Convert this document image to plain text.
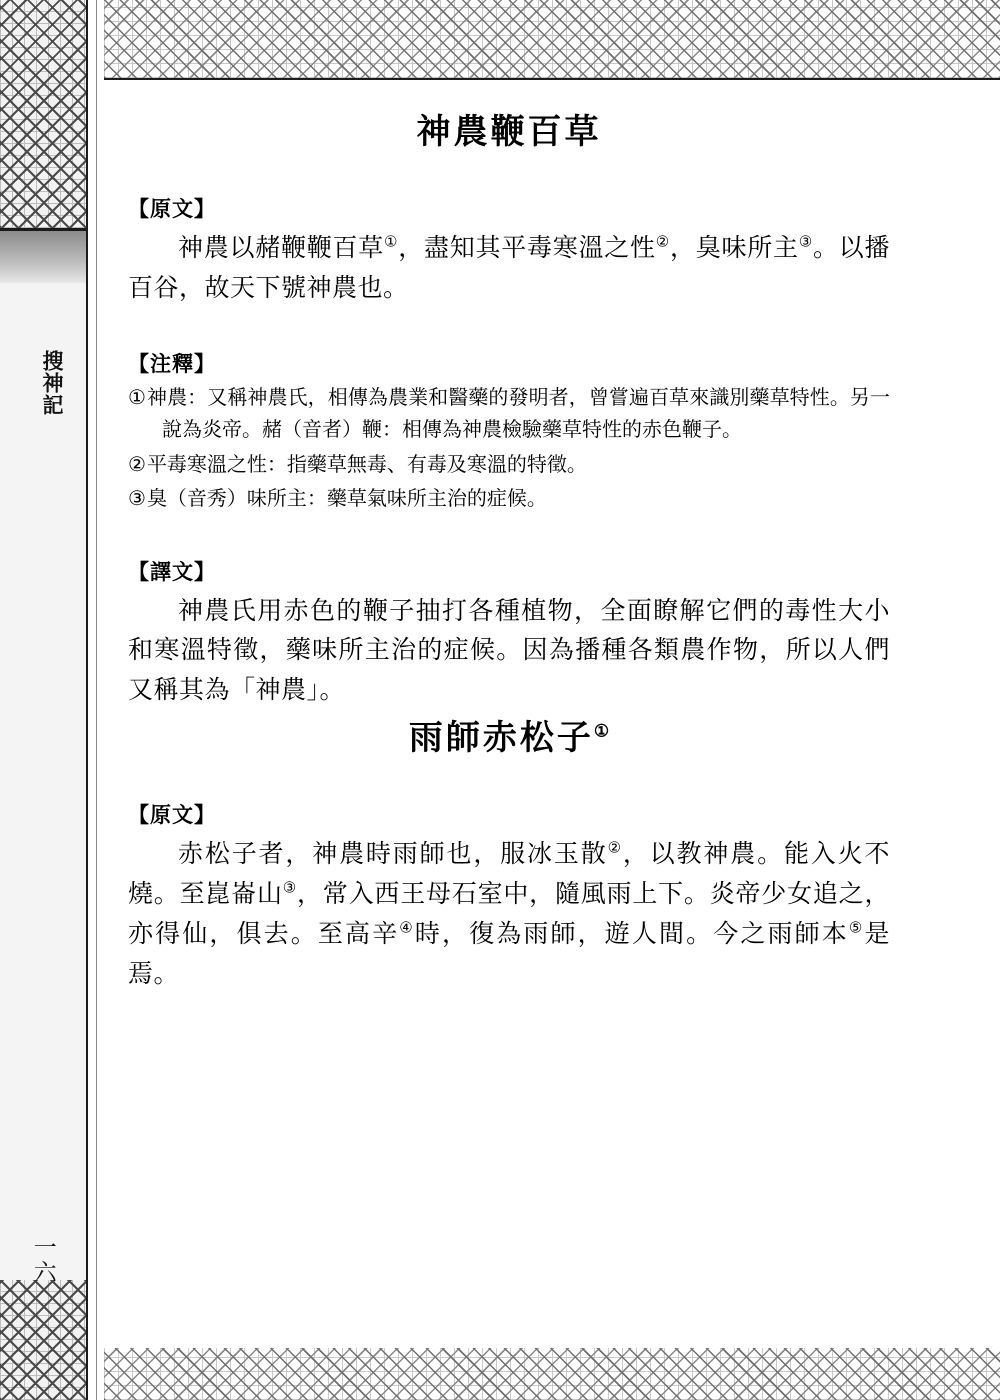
搜神記
一六
神農鞭百草

【原文】

神農以赭鞭鞭百草①，盡知其平毒寒溫之性②，臭味所主③。以播百谷，故天下號神農也。

【注釋】

①神農：又稱神農氏，相傳為農業和醫藥的發明者，曾嘗遍百草來識別藥草特性。另一說為炎帝。赭（音者）鞭：相傳為神農檢驗藥草特性的赤色鞭子。
②平毒寒溫之性：指藥草無毒、有毒及寒溫的特徵。
③臭（音秀）味所主：藥草氣味所主治的症候。

【譯文】

神農氏用赤色的鞭子抽打各種植物，全面瞭解它們的毒性大小和寒溫特徵，藥味所主治的症候。因為播種各類農作物，所以人們又稱其為「神農」。

雨師赤松子①

【原文】

赤松子者，神農時雨師也，服冰玉散②，以教神農。能入火不燒。至崑崙山③，常入西王母石室中，隨風雨上下。炎帝少女追之，亦得仙，俱去。至高辛④時，復為雨師，遊人間。今之雨師本⑤是焉。
